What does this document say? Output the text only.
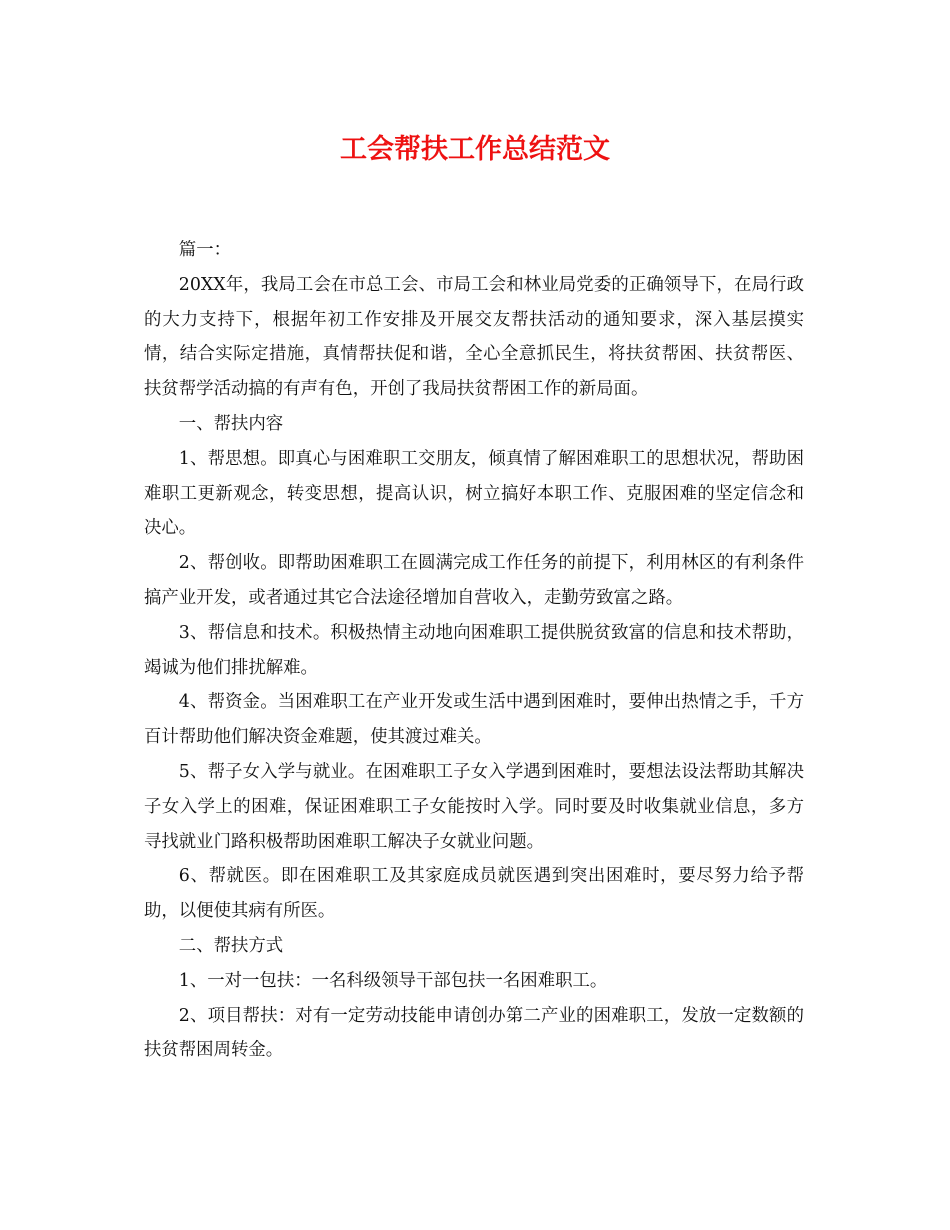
工会帮扶工作总结范文

篇一：

20XX年，我局工会在市总工会、市局工会和林业局党委的正确领导下，在局行政的大力支持下，根据年初工作安排及开展交友帮扶活动的通知要求，深入基层摸实情，结合实际定措施，真情帮扶促和谐，全心全意抓民生，将扶贫帮困、扶贫帮医、扶贫帮学活动搞的有声有色，开创了我局扶贫帮困工作的新局面。

一、帮扶内容

1、帮思想。即真心与困难职工交朋友，倾真情了解困难职工的思想状况，帮助困难职工更新观念，转变思想，提高认识，树立搞好本职工作、克服困难的坚定信念和决心。

2、帮创收。即帮助困难职工在圆满完成工作任务的前提下，利用林区的有利条件搞产业开发，或者通过其它合法途径增加自营收入，走勤劳致富之路。

3、帮信息和技术。积极热情主动地向困难职工提供脱贫致富的信息和技术帮助，竭诚为他们排扰解难。

4、帮资金。当困难职工在产业开发或生活中遇到困难时，要伸出热情之手，千方百计帮助他们解决资金难题，使其渡过难关。

5、帮子女入学与就业。在困难职工子女入学遇到困难时，要想法设法帮助其解决子女入学上的困难，保证困难职工子女能按时入学。同时要及时收集就业信息，多方寻找就业门路积极帮助困难职工解决子女就业问题。

6、帮就医。即在困难职工及其家庭成员就医遇到突出困难时，要尽努力给予帮助，以便使其病有所医。

二、帮扶方式

1、一对一包扶：一名科级领导干部包扶一名困难职工。

2、项目帮扶：对有一定劳动技能申请创办第二产业的困难职工，发放一定数额的扶贫帮困周转金。
